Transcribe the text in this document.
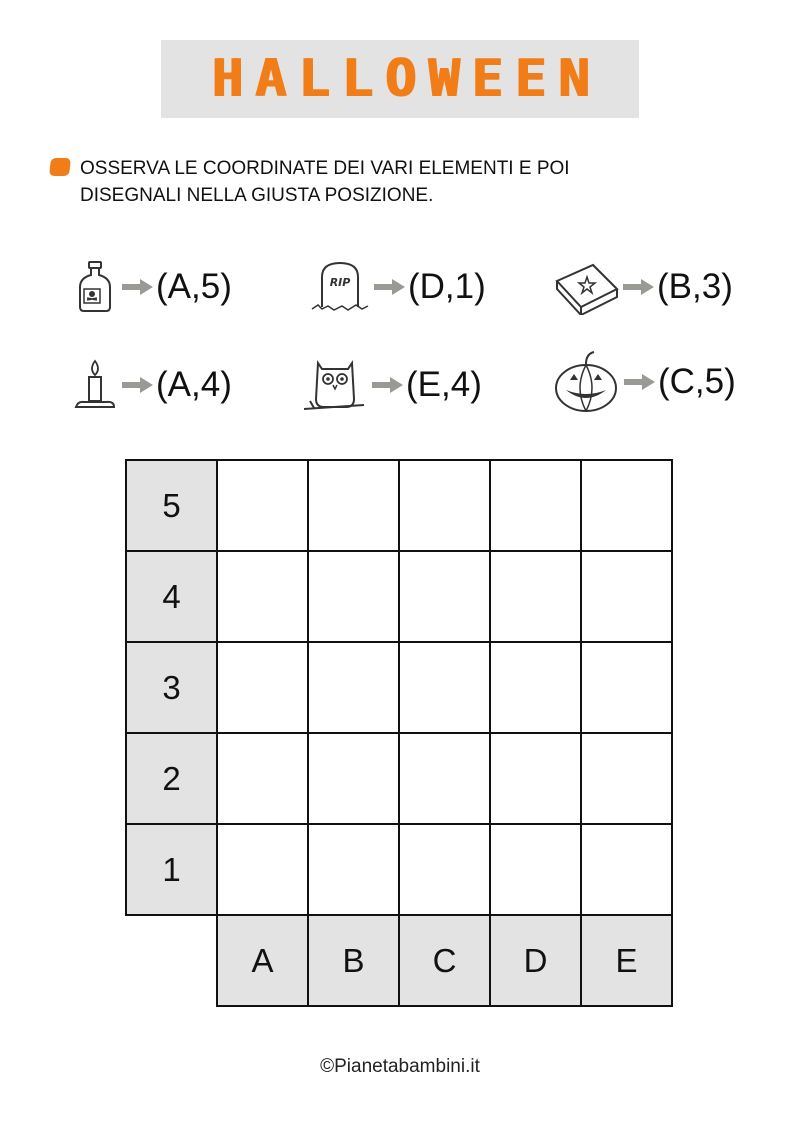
HALLOWEEN
OSSERVA LE COORDINATE DEI VARI ELEMENTI E POI
DISEGNALI NELLA GIUSTA POSIZIONE.
(A,5)	RIP (D,1)	(B,3)
(A,4)	(E,4)	(C,5)
5
4
3
2
1
A	B	C	D	E
©Pianetabambini.it
